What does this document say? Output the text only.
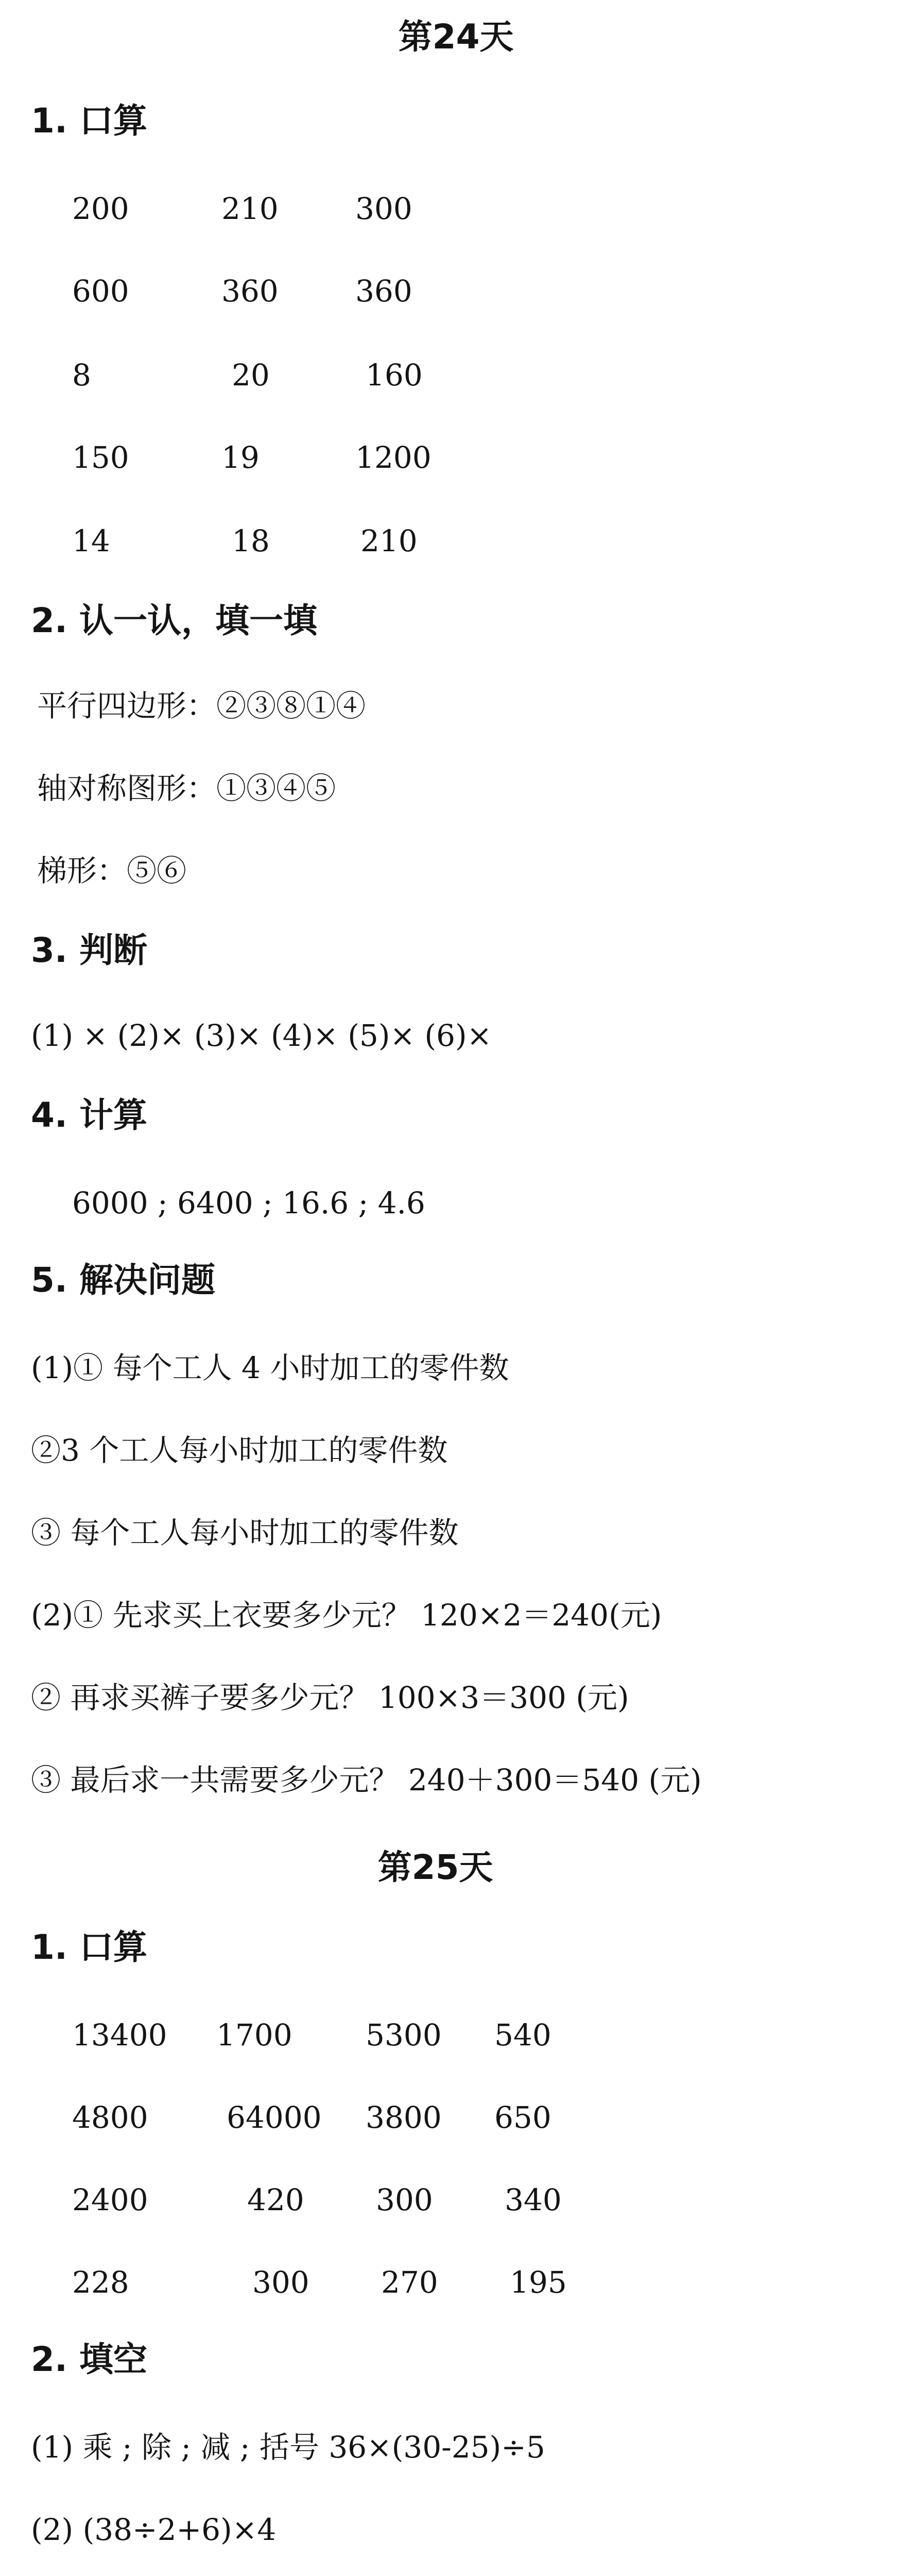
第24天
1. 口算
200	210	300
600	360	360
8	20	160
150	19	1200
14	18	210
2. 认一认，填一填
平行四边形：②③⑧①④
轴对称图形：①③④⑤
梯形：⑤⑥
3. 判断
(1) × (2)× (3)× (4)× (5)× (6)×
4. 计算
6000 ; 6400 ; 16.6 ; 4.6
5. 解决问题
(1)① 每个工人 4 小时加工的零件数
②3 个工人每小时加工的零件数
③ 每个工人每小时加工的零件数
(2)① 先求买上衣要多少元？ 120×2＝240(元)
② 再求买裤子要多少元？ 100×3＝300 (元)
③ 最后求一共需要多少元？ 240＋300＝540 (元)
第25天
1. 口算
13400 1700 5300 540
4800	64000 3800 650
2400	420 300 340
228	300 270 195
2. 填空
(1) 乘 ; 除 ; 减 ; 括号 36×(30-25)÷5
(2) (38÷2+6)×4
